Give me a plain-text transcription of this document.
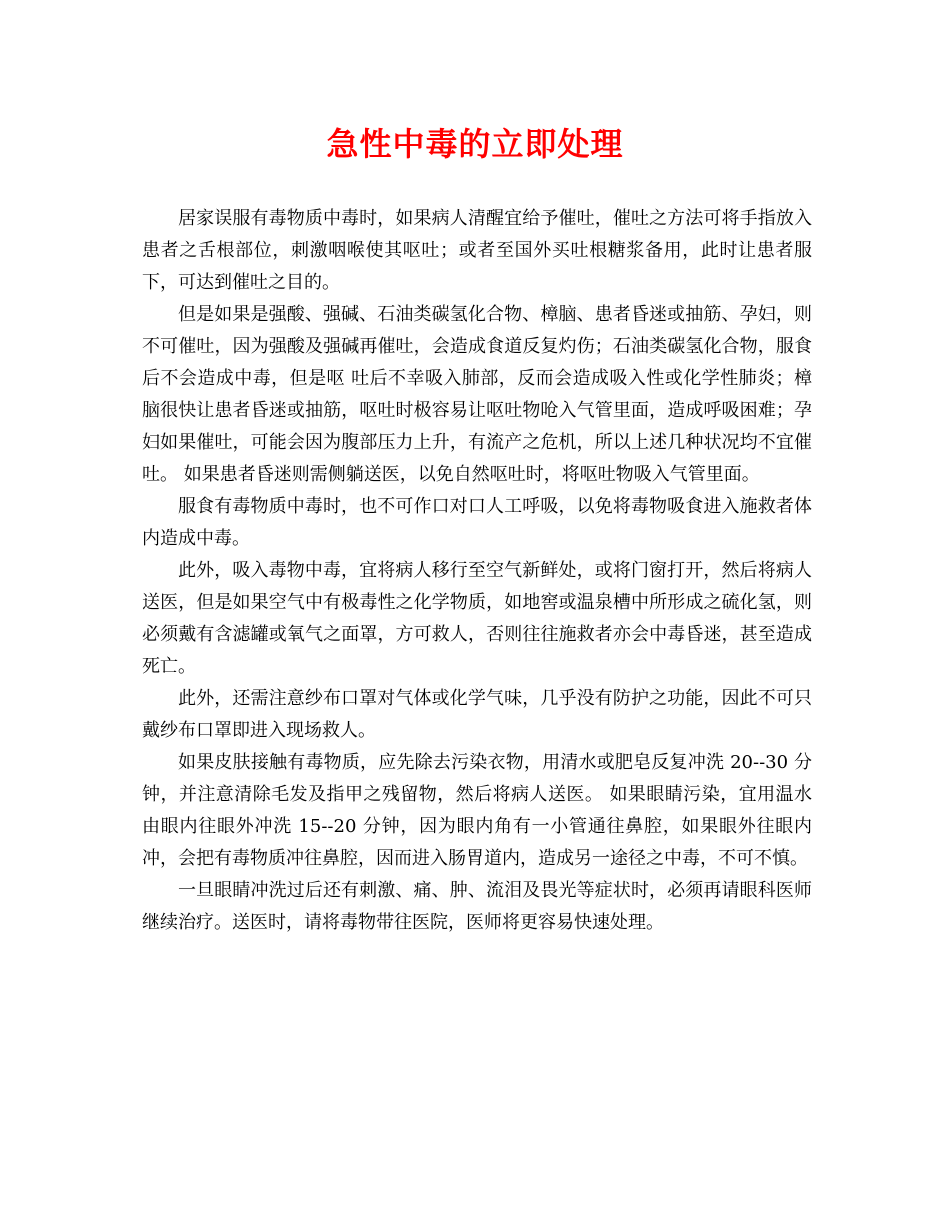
急性中毒的立即处理

居家误服有毒物质中毒时，如果病人清醒宜给予催吐，催吐之方法可将手指放入患者之舌根部位，刺激咽喉使其呕吐；或者至国外买吐根糖浆备用，此时让患者服下，可达到催吐之目的。

但是如果是强酸、强碱、石油类碳氢化合物、樟脑、患者昏迷或抽筋、孕妇，则不可催吐，因为强酸及强碱再催吐，会造成食道反复灼伤；石油类碳氢化合物，服食后不会造成中毒，但是呕 吐后不幸吸入肺部，反而会造成吸入性或化学性肺炎；樟脑很快让患者昏迷或抽筋，呕吐时极容易让呕吐物呛入气管里面，造成呼吸困难；孕妇如果催吐，可能会因为腹部压力上升，有流产之危机，所以上述几种状况均不宜催吐。 如果患者昏迷则需侧躺送医，以免自然呕吐时，将呕吐物吸入气管里面。

服食有毒物质中毒时，也不可作口对口人工呼吸，以免将毒物吸食进入施救者体内造成中毒。

此外，吸入毒物中毒，宜将病人移行至空气新鲜处，或将门窗打开，然后将病人送医，但是如果空气中有极毒性之化学物质，如地窖或温泉槽中所形成之硫化氢，则必须戴有含滤罐或氧气之面罩，方可救人，否则往往施救者亦会中毒昏迷，甚至造成死亡。

此外，还需注意纱布口罩对气体或化学气味，几乎没有防护之功能，因此不可只戴纱布口罩即进入现场救人。

如果皮肤接触有毒物质，应先除去污染衣物，用清水或肥皂反复冲洗 20--30 分钟，并注意清除毛发及指甲之残留物，然后将病人送医。 如果眼睛污染，宜用温水由眼内往眼外冲洗 15--20 分钟，因为眼内角有一小管通往鼻腔，如果眼外往眼内冲，会把有毒物质冲往鼻腔，因而进入肠胃道内，造成另一途径之中毒，不可不慎。

一旦眼睛冲洗过后还有刺激、痛、肿、流泪及畏光等症状时，必须再请眼科医师继续治疗。送医时，请将毒物带往医院，医师将更容易快速处理。
